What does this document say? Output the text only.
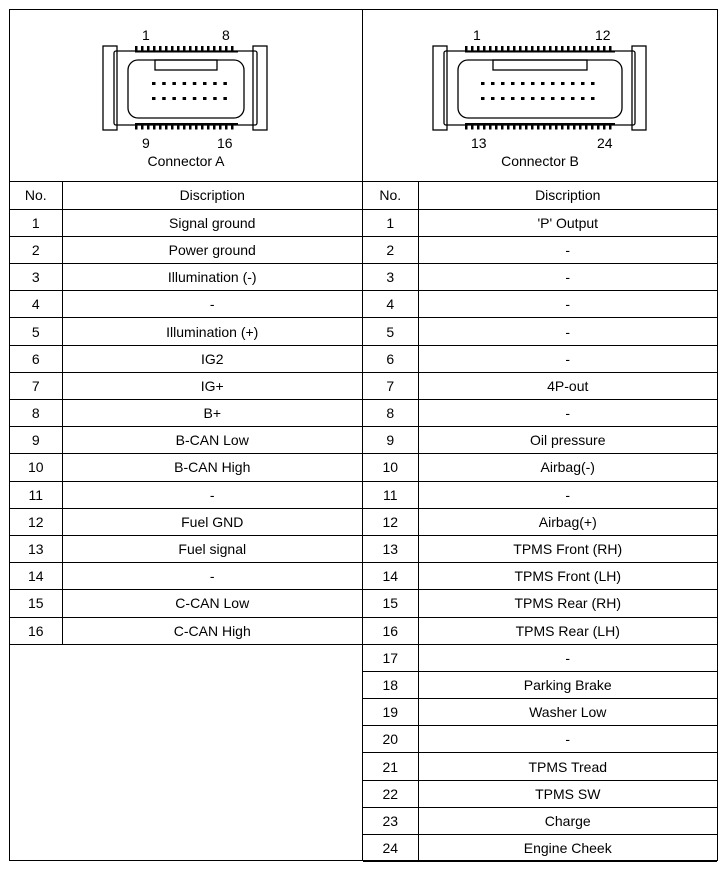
1	8
9	16
Connector A
No.	Discription
1	Signal ground
2	Power ground
3	Illumination (-)
4	-
5	Illumination (+)
6	IG2
7	IG+
8	B+
9	B-CAN Low
10	B-CAN High
11	-
12	Fuel GND
13	Fuel signal
14	-
15	C-CAN Low
16	C-CAN High
1	12
13	24
Connector B
No.	Discription
1	'P' Output
2	-
3	-
4	-
5	-
6	-
7	4P-out
8	-
9	Oil pressure
10	Airbag(-)
11	-
12	Airbag(+)
13	TPMS Front (RH)
14	TPMS Front (LH)
15	TPMS Rear (RH)
16	TPMS Rear (LH)
17	-
18	Parking Brake
19	Washer Low
20	-
21	TPMS Tread
22	TPMS SW
23	Charge
24	Engine Cheek
